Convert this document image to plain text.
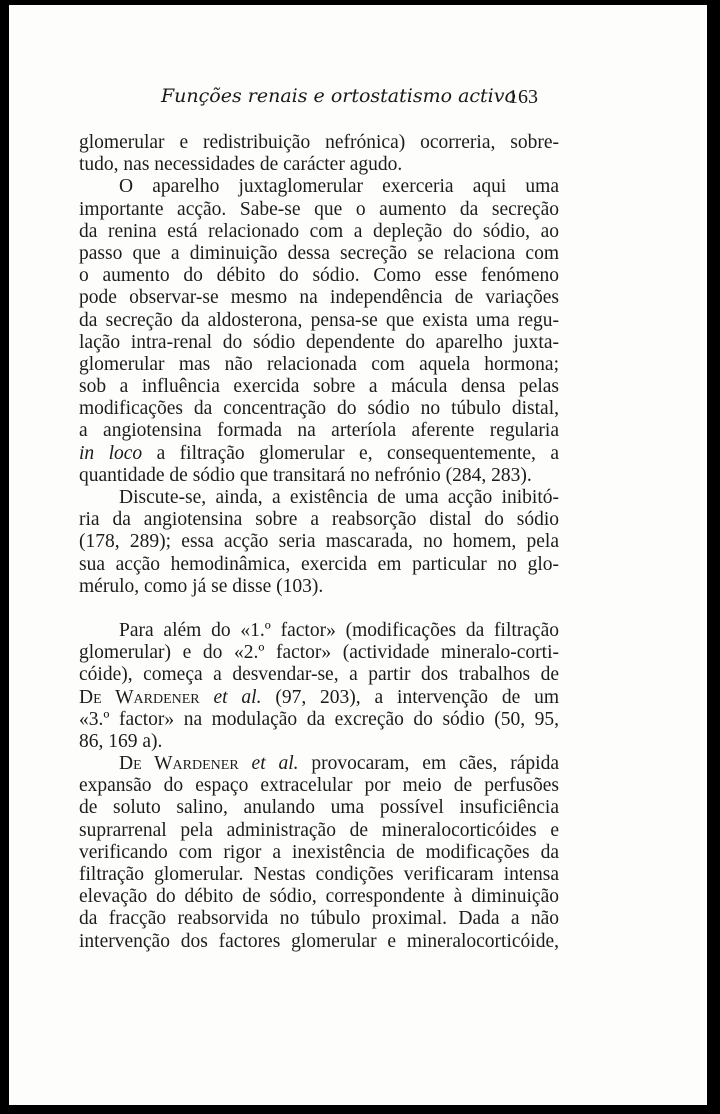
Funções renais e ortostatismo activo
163
glomerular e redistribuição nefrónica) ocorreria, sobre-
tudo, nas necessidades de carácter agudo.
O aparelho juxtaglomerular exerceria aqui uma
importante acção. Sabe-se que o aumento da secreção
da renina está relacionado com a depleção do sódio, ao
passo que a diminuição dessa secreção se relaciona com
o aumento do débito do sódio. Como esse fenómeno
pode observar-se mesmo na independência de variações
da secreção da aldosterona, pensa-se que exista uma regu-
lação intra-renal do sódio dependente do aparelho juxta-
glomerular mas não relacionada com aquela hormona;
sob a influência exercida sobre a mácula densa pelas
modificações da concentração do sódio no túbulo distal,
a angiotensina formada na arteríola aferente regularia
in loco a filtração glomerular e, consequentemente, a
quantidade de sódio que transitará no nefrónio (284, 283).
Discute-se, ainda, a existência de uma acção inibitó-
ria da angiotensina sobre a reabsorção distal do sódio
(178, 289); essa acção seria mascarada, no homem, pela
sua acção hemodinâmica, exercida em particular no glo-
mérulo, como já se disse (103).
Para além do «1.º factor» (modificações da filtração
glomerular) e do «2.º factor» (actividade mineralo-corti-
cóide), começa a desvendar-se, a partir dos trabalhos de
De Wardener et al. (97, 203), a intervenção de um
«3.º factor» na modulação da excreção do sódio (50, 95,
86, 169 a).
De Wardener et al. provocaram, em cães, rápida
expansão do espaço extracelular por meio de perfusões
de soluto salino, anulando uma possível insuficiência
suprarrenal pela administração de mineralocorticóides e
verificando com rigor a inexistência de modificações da
filtração glomerular. Nestas condições verificaram intensa
elevação do débito de sódio, correspondente à diminuição
da fracção reabsorvida no túbulo proximal. Dada a não
intervenção dos factores glomerular e mineralocorticóide,
